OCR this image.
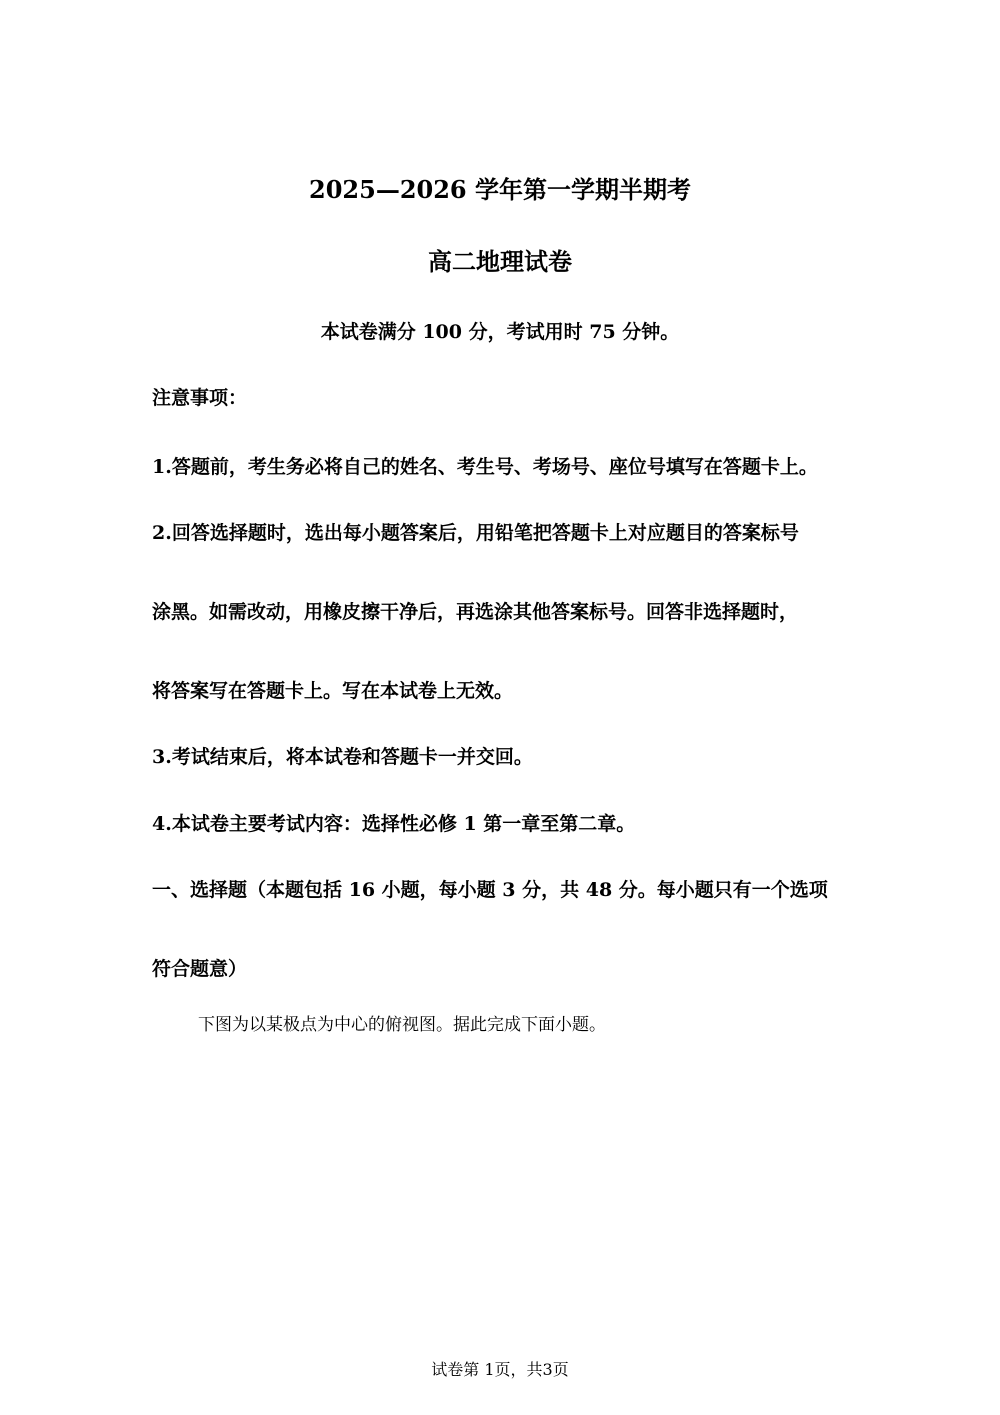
2025—2026 学年第一学期半期考
高二地理试卷
本试卷满分 100 分，考试用时 75 分钟。
注意事项：
1.答题前，考生务必将自己的姓名、考生号、考场号、座位号填写在答题卡上。
2.回答选择题时，选出每小题答案后，用铅笔把答题卡上对应题目的答案标号
涂黑。如需改动，用橡皮擦干净后，再选涂其他答案标号。回答非选择题时，
将答案写在答题卡上。写在本试卷上无效。
3.考试结束后，将本试卷和答题卡一并交回。
4.本试卷主要考试内容：选择性必修 1 第一章至第二章。
一、选择题（本题包括 16 小题，每小题 3 分，共 48 分。每小题只有一个选项
符合题意）
下图为以某极点为中心的俯视图。据此完成下面小题。
试卷第 1页，共3页
